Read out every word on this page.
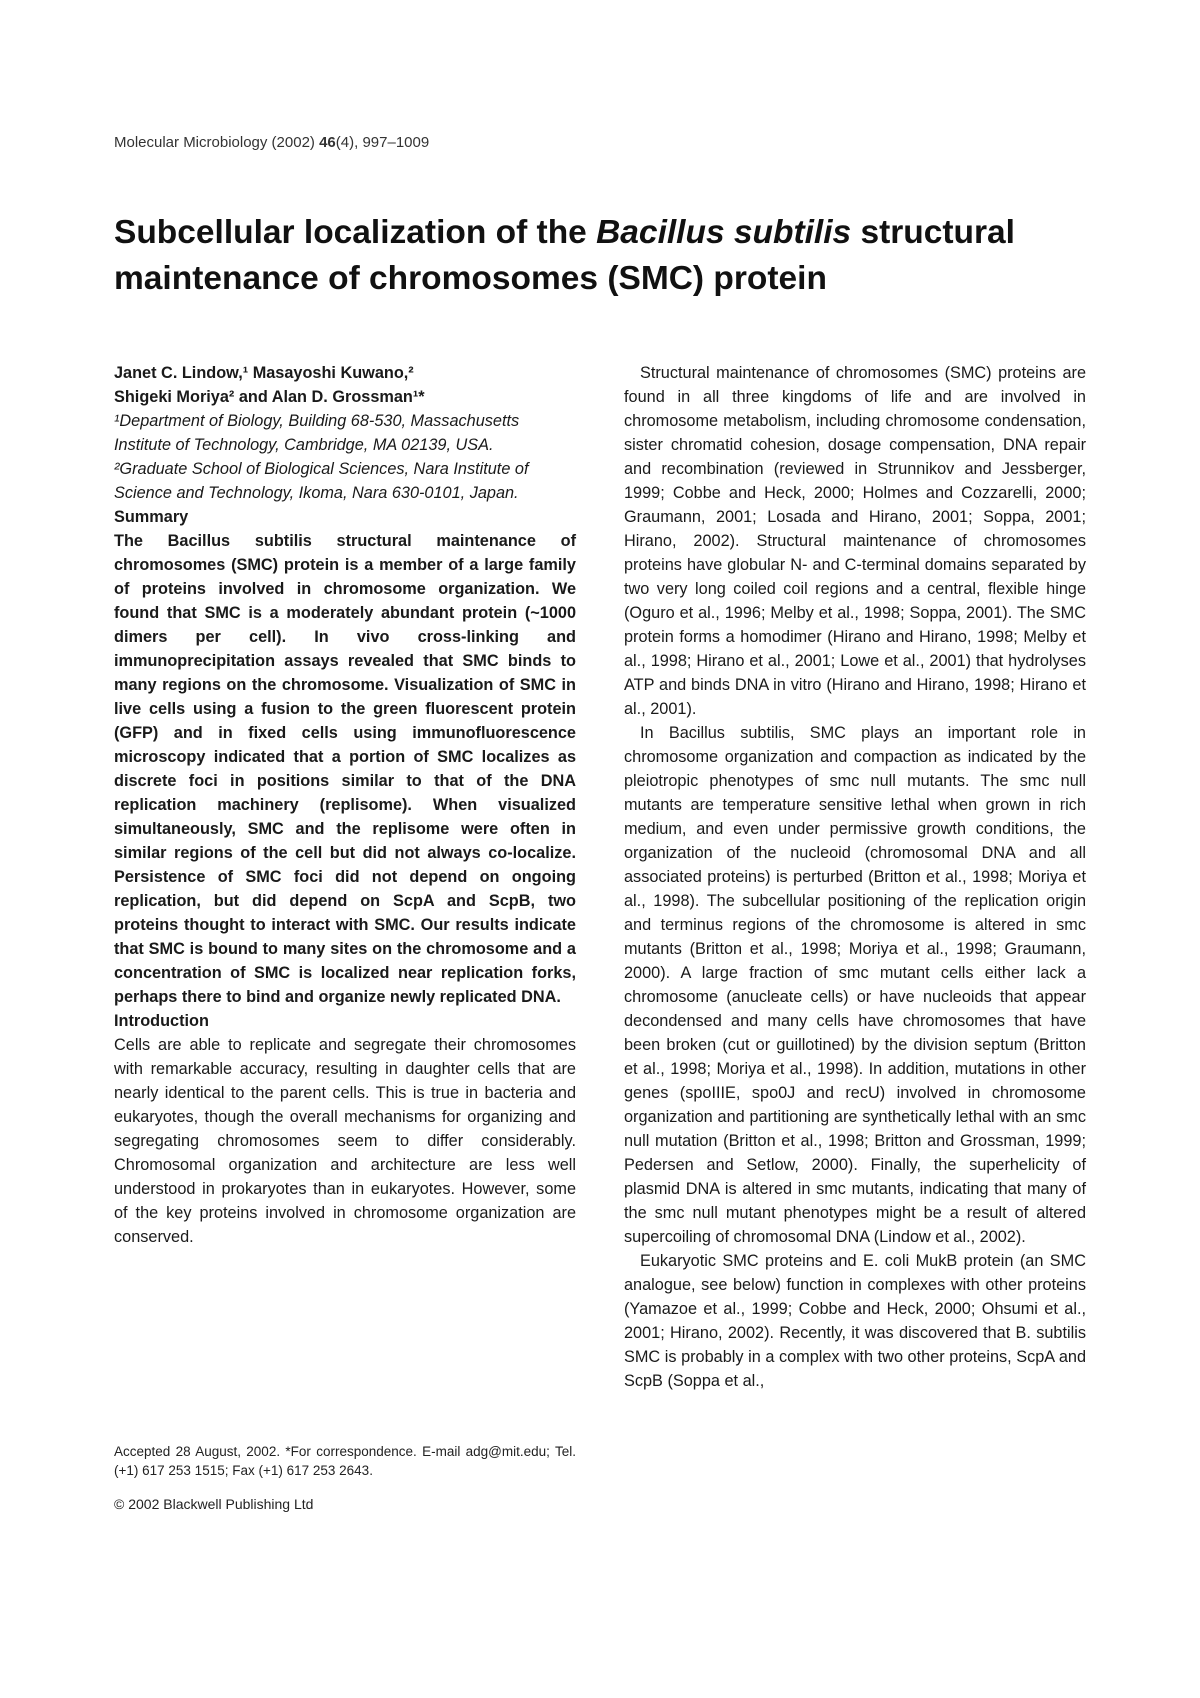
Molecular Microbiology (2002) 46(4), 997–1009
Subcellular localization of the Bacillus subtilis structural maintenance of chromosomes (SMC) protein

Janet C. Lindow,¹ Masayoshi Kuwano,²
Shigeki Moriya² and Alan D. Grossman¹*

¹Department of Biology, Building 68-530, Massachusetts
Institute of Technology, Cambridge, MA 02139, USA.
²Graduate School of Biological Sciences, Nara Institute of
Science and Technology, Ikoma, Nara 630-0101, Japan.

Summary

The Bacillus subtilis structural maintenance of chromosomes (SMC) protein is a member of a large family of proteins involved in chromosome organization. We found that SMC is a moderately abundant protein (~1000 dimers per cell). In vivo cross-linking and immunoprecipitation assays revealed that SMC binds to many regions on the chromosome. Visualization of SMC in live cells using a fusion to the green fluorescent protein (GFP) and in fixed cells using immunofluorescence microscopy indicated that a portion of SMC localizes as discrete foci in positions similar to that of the DNA replication machinery (replisome). When visualized simultaneously, SMC and the replisome were often in similar regions of the cell but did not always co-localize. Persistence of SMC foci did not depend on ongoing replication, but did depend on ScpA and ScpB, two proteins thought to interact with SMC. Our results indicate that SMC is bound to many sites on the chromosome and a concentration of SMC is localized near replication forks, perhaps there to bind and organize newly replicated DNA.

Introduction

Cells are able to replicate and segregate their chromosomes with remarkable accuracy, resulting in daughter cells that are nearly identical to the parent cells. This is true in bacteria and eukaryotes, though the overall mechanisms for organizing and segregating chromosomes seem to differ considerably. Chromosomal organization and architecture are less well understood in prokaryotes than in eukaryotes. However, some of the key proteins involved in chromosome organization are conserved.

Structural maintenance of chromosomes (SMC) proteins are found in all three kingdoms of life and are involved in chromosome metabolism, including chromosome condensation, sister chromatid cohesion, dosage compensation, DNA repair and recombination (reviewed in Strunnikov and Jessberger, 1999; Cobbe and Heck, 2000; Holmes and Cozzarelli, 2000; Graumann, 2001; Losada and Hirano, 2001; Soppa, 2001; Hirano, 2002). Structural maintenance of chromosomes proteins have globular N- and C-terminal domains separated by two very long coiled coil regions and a central, flexible hinge (Oguro et al., 1996; Melby et al., 1998; Soppa, 2001). The SMC protein forms a homodimer (Hirano and Hirano, 1998; Melby et al., 1998; Hirano et al., 2001; Lowe et al., 2001) that hydrolyses ATP and binds DNA in vitro (Hirano and Hirano, 1998; Hirano et al., 2001).

In Bacillus subtilis, SMC plays an important role in chromosome organization and compaction as indicated by the pleiotropic phenotypes of smc null mutants. The smc null mutants are temperature sensitive lethal when grown in rich medium, and even under permissive growth conditions, the organization of the nucleoid (chromosomal DNA and all associated proteins) is perturbed (Britton et al., 1998; Moriya et al., 1998). The subcellular positioning of the replication origin and terminus regions of the chromosome is altered in smc mutants (Britton et al., 1998; Moriya et al., 1998; Graumann, 2000). A large fraction of smc mutant cells either lack a chromosome (anucleate cells) or have nucleoids that appear decondensed and many cells have chromosomes that have been broken (cut or guillotined) by the division septum (Britton et al., 1998; Moriya et al., 1998). In addition, mutations in other genes (spoIIIE, spo0J and recU) involved in chromosome organization and partitioning are synthetically lethal with an smc null mutation (Britton et al., 1998; Britton and Grossman, 1999; Pedersen and Setlow, 2000). Finally, the superhelicity of plasmid DNA is altered in smc mutants, indicating that many of the smc null mutant phenotypes might be a result of altered supercoiling of chromosomal DNA (Lindow et al., 2002).

Eukaryotic SMC proteins and E. coli MukB protein (an SMC analogue, see below) function in complexes with other proteins (Yamazoe et al., 1999; Cobbe and Heck, 2000; Ohsumi et al., 2001; Hirano, 2002). Recently, it was discovered that B. subtilis SMC is probably in a complex with two other proteins, ScpA and ScpB (Soppa et al.,

Accepted 28 August, 2002. *For correspondence. E-mail adg@mit.edu; Tel. (+1) 617 253 1515; Fax (+1) 617 253 2643.
© 2002 Blackwell Publishing Ltd
